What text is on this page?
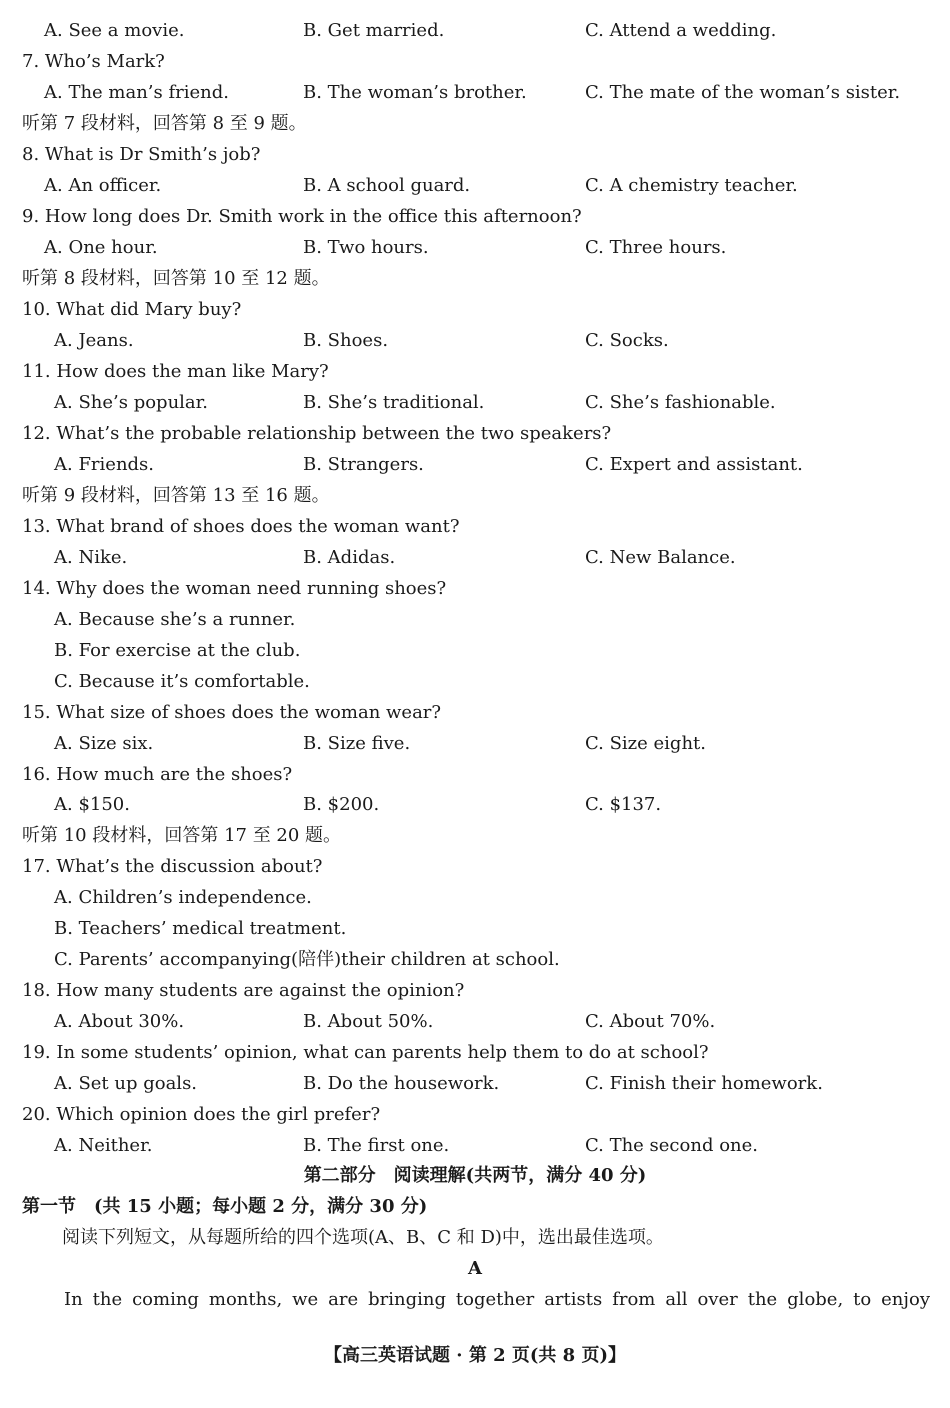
A. See a movie.	B. Get married.	C. Attend a wedding.
7. Who’s Mark?
A. The man’s friend.	B. The woman’s brother.	C. The mate of the woman’s sister.
听第 7 段材料，回答第 8 至 9 题。
8. What is Dr Smith’s job?
A. An officer.	B. A school guard.	C. A chemistry teacher.
9. How long does Dr. Smith work in the office this afternoon?
A. One hour.	B. Two hours.	C. Three hours.
听第 8 段材料，回答第 10 至 12 题。
10. What did Mary buy?
A. Jeans.	B. Shoes.	C. Socks.
11. How does the man like Mary?
A. She’s popular.	B. She’s traditional.	C. She’s fashionable.
12. What’s the probable relationship between the two speakers?
A. Friends.	B. Strangers.	C. Expert and assistant.
听第 9 段材料，回答第 13 至 16 题。
13. What brand of shoes does the woman want?
A. Nike.	B. Adidas.	C. New Balance.
14. Why does the woman need running shoes?
A. Because she’s a runner.
B. For exercise at the club.
C. Because it’s comfortable.
15. What size of shoes does the woman wear?
A. Size six.	B. Size five.	C. Size eight.
16. How much are the shoes?
A. $150.	B. $200.	C. $137.
听第 10 段材料，回答第 17 至 20 题。
17. What’s the discussion about?
A. Children’s independence.
B. Teachers’ medical treatment.
C. Parents’ accompanying(陪伴)their children at school.
18. How many students are against the opinion?
A. About 30%.	B. About 50%.	C. About 70%.
19. In some students’ opinion, what can parents help them to do at school?
A. Set up goals.	B. Do the housework.	C. Finish their homework.
20. Which opinion does the girl prefer?
A. Neither.	B. The first one.	C. The second one.
第二部分　阅读理解(共两节，满分 40 分)
第一节　(共 15 小题；每小题 2 分，满分 30 分)
阅读下列短文，从每题所给的四个选项(A、B、C 和 D)中，选出最佳选项。
A
In the coming months, we are bringing together artists from all over the globe, to enjoy
【高三英语试题 · 第 2 页(共 8 页)】
